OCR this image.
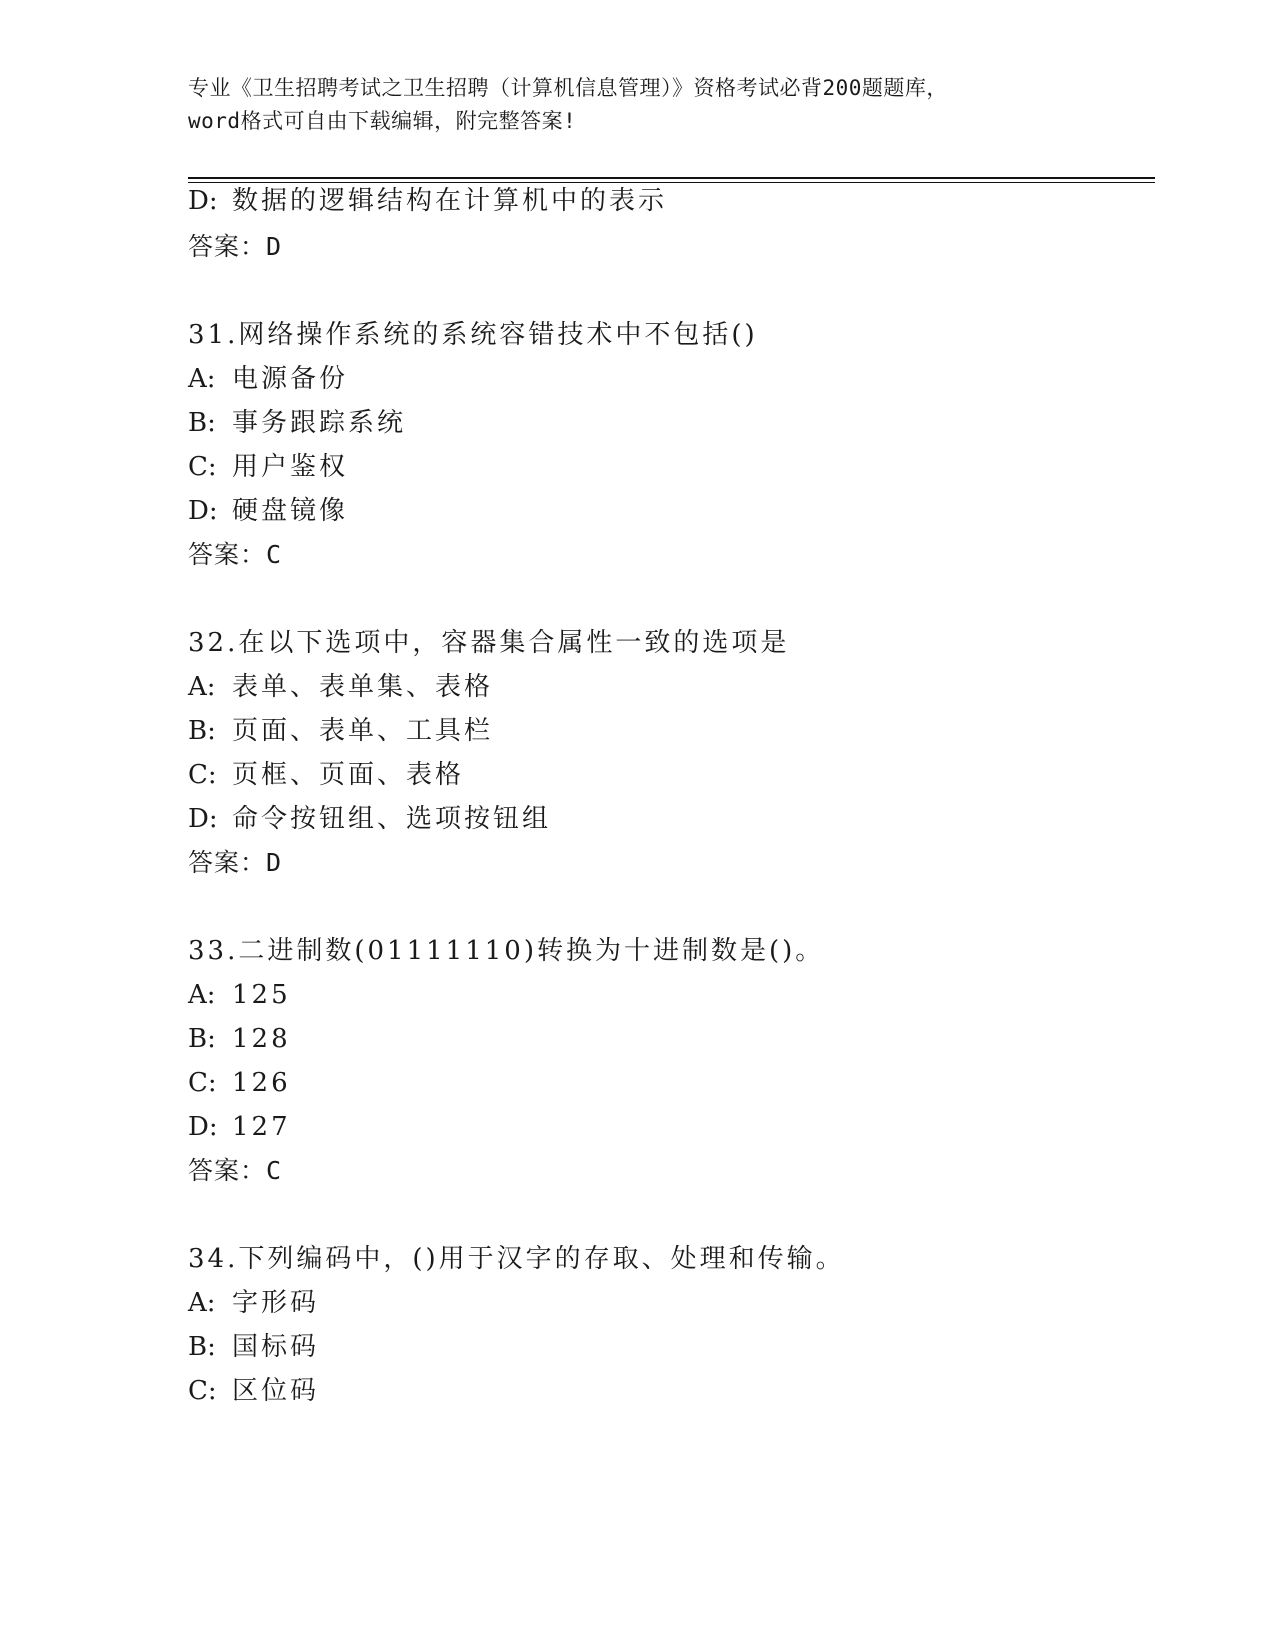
专业《卫生招聘考试之卫生招聘（计算机信息管理）》资格考试必背200题题库，
word格式可自由下载编辑，附完整答案!
D: 数据的逻辑结构在计算机中的表示
答案：D
31.网络操作系统的系统容错技术中不包括()
A: 电源备份
B: 事务跟踪系统
C: 用户鉴权
D: 硬盘镜像
答案：C
32.在以下选项中，容器集合属性一致的选项是
A: 表单、表单集、表格
B: 页面、表单、工具栏
C: 页框、页面、表格
D: 命令按钮组、选项按钮组
答案：D
33.二进制数(01111110)转换为十进制数是()。
A: 125
B: 128
C: 126
D: 127
答案：C
34.下列编码中，()用于汉字的存取、处理和传输。
A: 字形码
B: 国标码
C: 区位码
